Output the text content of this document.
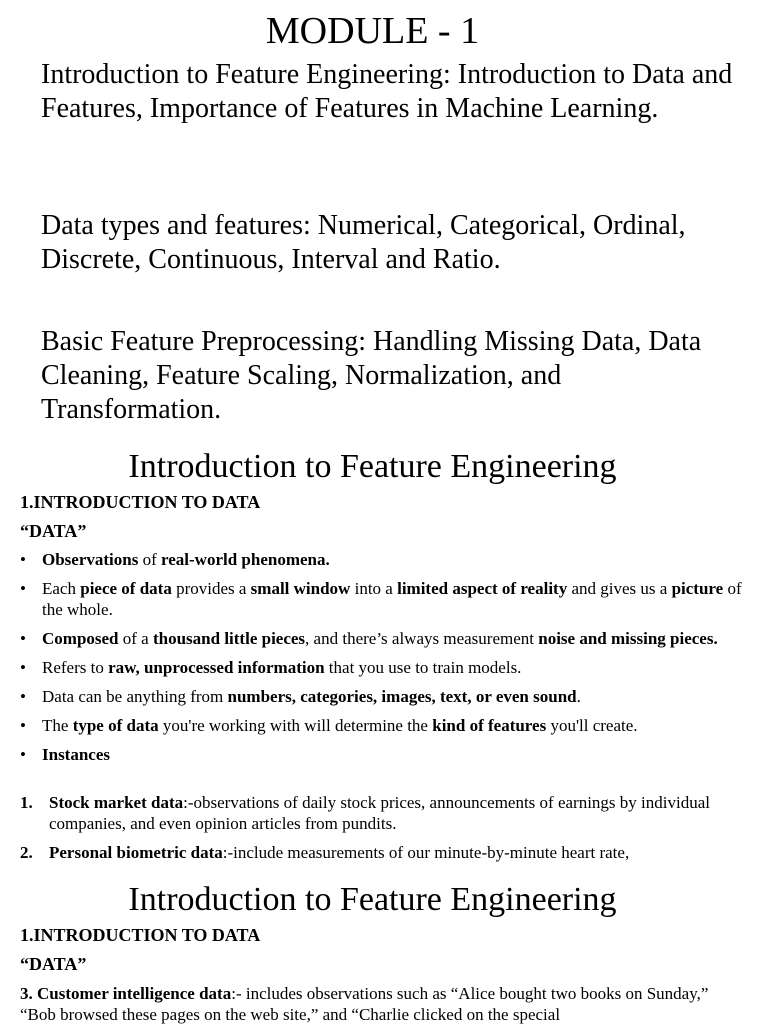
MODULE - 1

Introduction to Feature Engineering: Introduction to Data and Features, Importance of Features in Machine Learning.

Data types and features: Numerical, Categorical, Ordinal, Discrete, Continuous, Interval and Ratio.

Basic Feature Preprocessing: Handling Missing Data, Data Cleaning, Feature Scaling, Normalization, and Transformation.

Introduction to Feature Engineering

1.INTRODUCTION TO DATA

“DATA”

• Observations of real-world phenomena.
• Each piece of data provides a small window into a limited aspect of reality and gives us a picture of the whole.
• Composed of a thousand little pieces, and there’s always measurement noise and missing pieces.
• Refers to raw, unprocessed information that you use to train models.
• Data can be anything from numbers, categories, images, text, or even sound.
• The type of data you're working with will determine the kind of features you'll create.
• Instances
1. Stock market data:-observations of daily stock prices, announcements of earnings by individual companies, and even opinion articles from pundits.
2. Personal biometric data:-include measurements of our minute-by-minute heart rate,
Introduction to Feature Engineering

1.INTRODUCTION TO DATA

“DATA”

3. Customer intelligence data:- includes observations such as “Alice bought two books on Sunday,” “Bob browsed these pages on the web site,” and “Charlie clicked on the special
